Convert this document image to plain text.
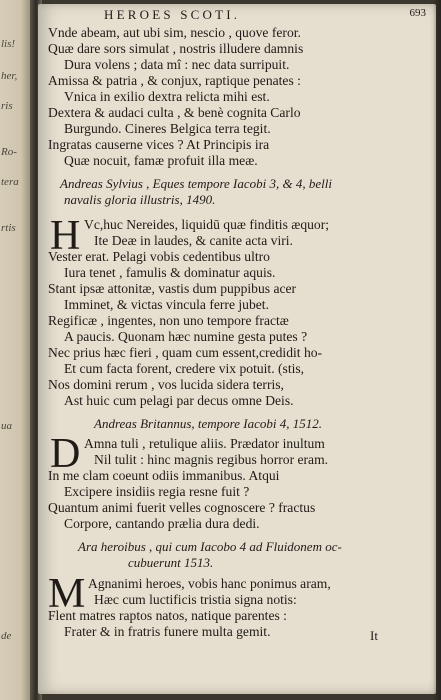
lis!
her,
ris
Ro-
tera
rtis
ua
de
HEROES SCOTI.	693
Vnde abeam, aut ubi sim, nescio , quove feror.
Quæ dare sors simulat , nostris illudere damnis
Dura volens ; data mî : nec data surripuit.
Amissa & patria , & conjux, raptique penates :
Vnica in exilio dextra relicta mihi est.
Dextera & audaci culta , & benè cognita Carlo
Burgundo. Cineres Belgica terra tegit.
Ingratas causerne vices ? At Principis ira
Quæ nocuit, famæ profuit illa meæ.
Andreas Sylvius , Eques tempore Iacobi 3, & 4, belli
navalis gloria illustris, 1490.
H Vc,huc Nereides, liquidū quæ finditis æquor;
Ite Deæ in laudes, & canite acta viri.
Vester erat. Pelagi vobis cedentibus ultro
Iura tenet , famulis & dominatur aquis.
Stant ipsæ attonitæ, vastis dum puppibus acer
Imminet, & victas vincula ferre jubet.
Regificæ , ingentes, non uno tempore fractæ
A paucis. Quonam hæc numine gesta putes ?
Nec prius hæc fieri , quam cum essent,credidit ho-
Et cum facta forent, credere vix potuit. (stis,
Nos domini rerum , vos lucida sidera terris,
Ast huic cum pelagi par decus omne Deis.
Andreas Britannus, tempore Iacobi 4, 1512.
D Amna tuli , retulique aliis. Prædator inultum
Nil tulit : hinc magnis regibus horror eram.
In me clam coeunt odiis immanibus. Atqui
Excipere insidiis regia resne fuit ?
Quantum animi fuerit velles cognoscere ? fractus
Corpore, cantando prælia dura dedi.
Ara heroibus , qui cum Iacobo 4 ad Fluidonem oc-
cubuerunt 1513.
M Agnanimi heroes, vobis hanc ponimus aram,
Hæc cum luctificis tristia signa notis:
Flent matres raptos natos, natique parentes :
Frater & in fratris funere multa gemit.	It
